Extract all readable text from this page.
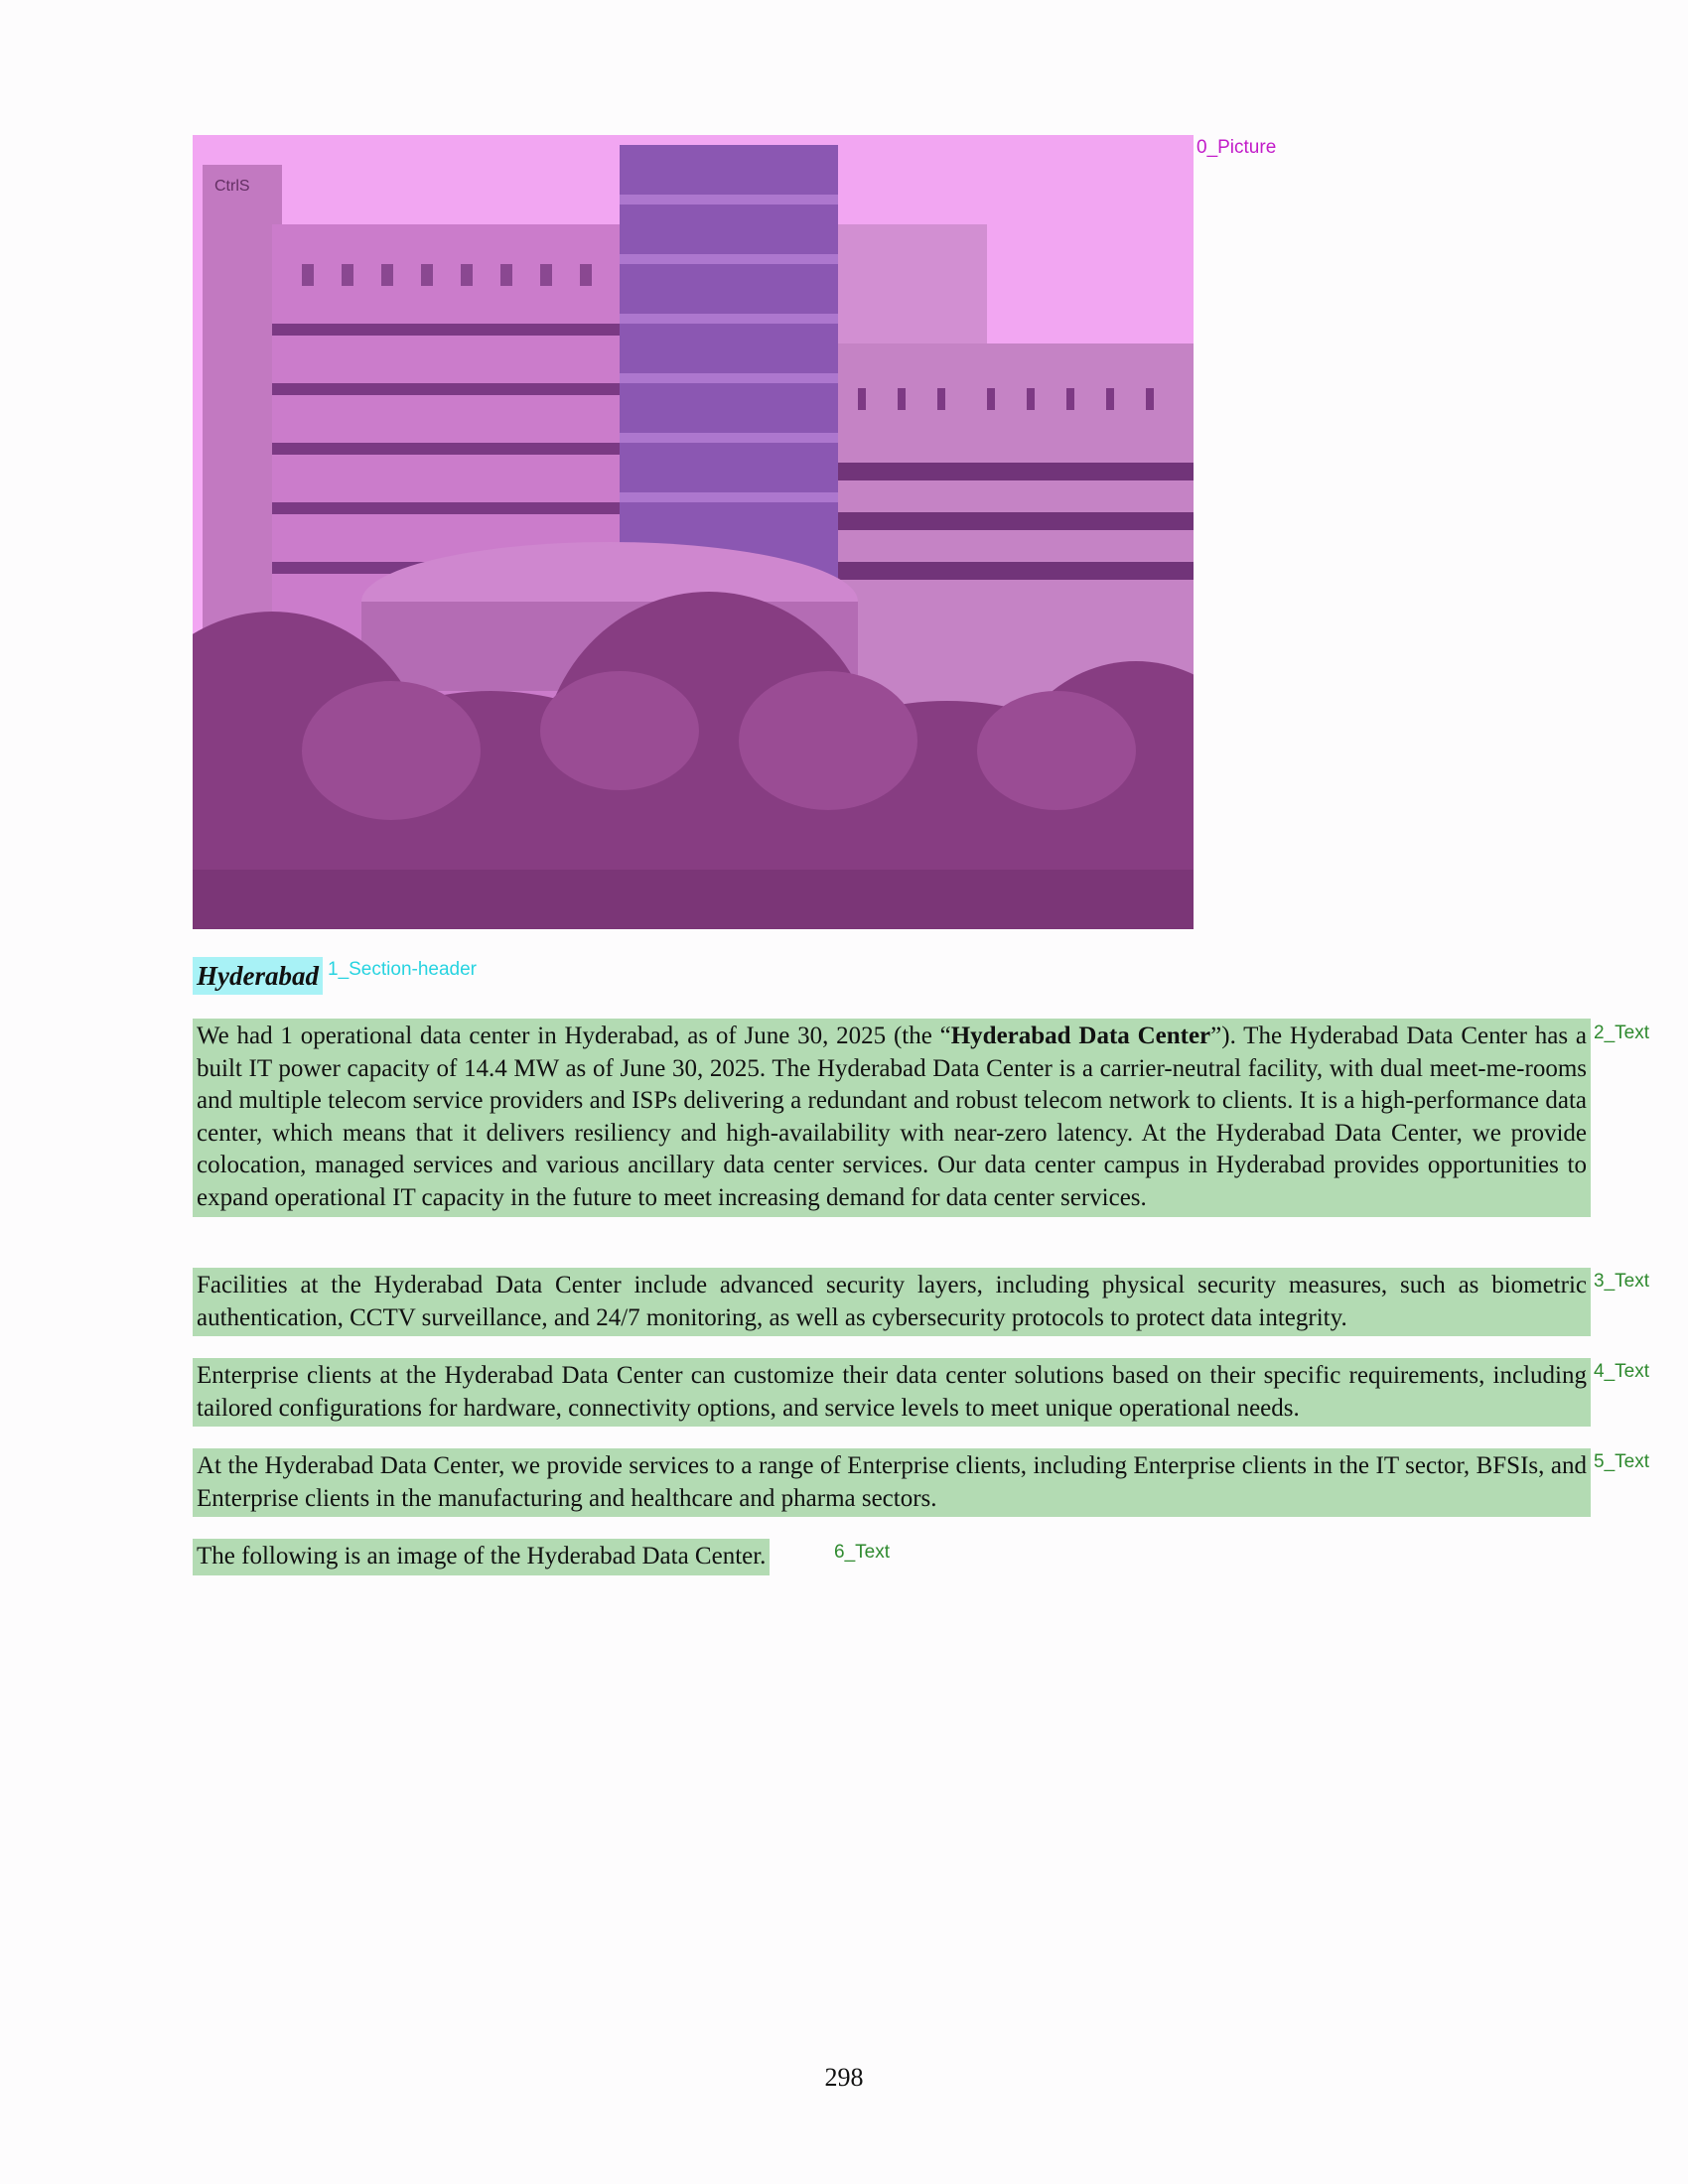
CtrlS
0_Picture
Hyderabad 1_Section-header
We had 1 operational data center in Hyderabad, as of June 30, 2025 (the “Hyderabad Data Center”). The Hyderabad Data Center has a built IT power capacity of 14.4 MW as of June 30, 2025. The Hyderabad Data Center is a carrier-neutral facility, with dual meet-me-rooms and multiple telecom service providers and ISPs delivering a redundant and robust telecom network to clients. It is a high-performance data center, which means that it delivers resiliency and high-availability with near-zero latency. At the Hyderabad Data Center, we provide colocation, managed services and various ancillary data center services. Our data center campus in Hyderabad provides opportunities to expand operational IT capacity in the future to meet increasing demand for data center services.
2_Text
Facilities at the Hyderabad Data Center include advanced security layers, including physical security measures, such as biometric authentication, CCTV surveillance, and 24/7 monitoring, as well as cybersecurity protocols to protect data integrity.
3_Text
Enterprise clients at the Hyderabad Data Center can customize their data center solutions based on their specific requirements, including tailored configurations for hardware, connectivity options, and service levels to meet unique operational needs.
4_Text
At the Hyderabad Data Center, we provide services to a range of Enterprise clients, including Enterprise clients in the IT sector, BFSIs, and Enterprise clients in the manufacturing and healthcare and pharma sectors.
5_Text
The following is an image of the Hyderabad Data Center.	6_Text
298
